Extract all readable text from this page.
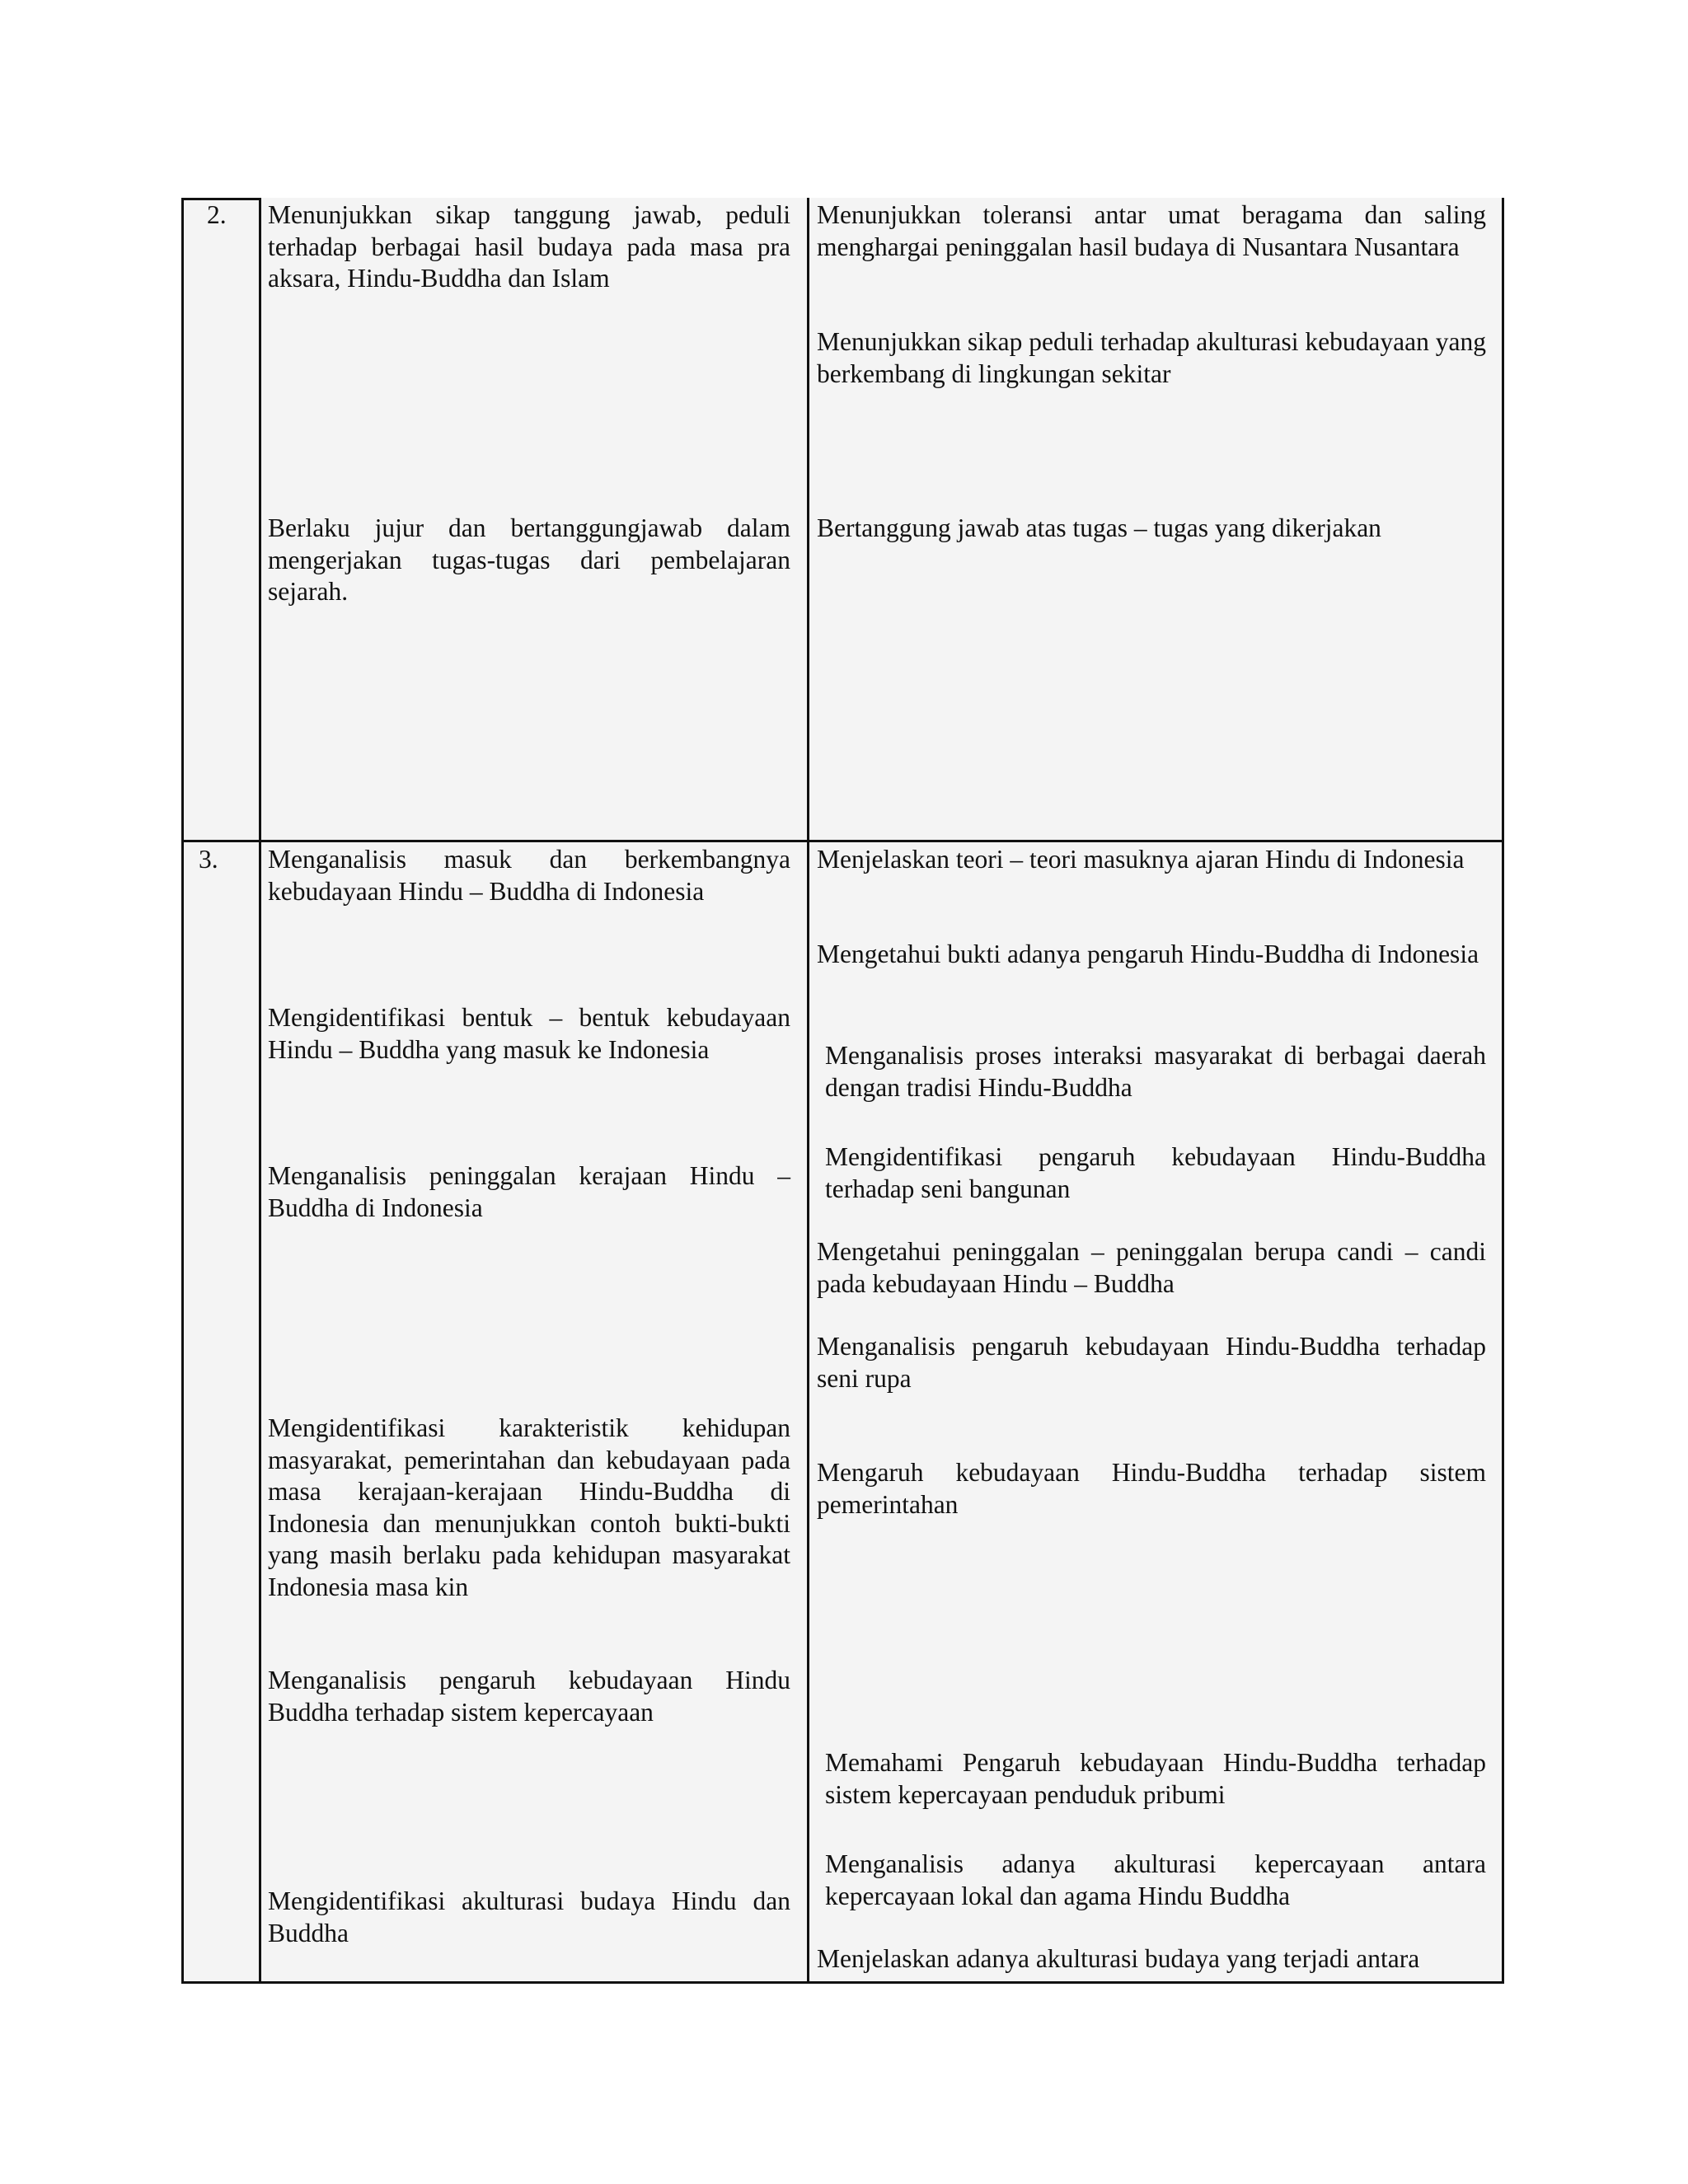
2. Menunjukkan sikap tanggung jawab, peduli terhadap berbagai hasil budaya pada masa pra aksara, Hindu-Buddha dan Islam
Berlaku jujur dan bertanggungjawab dalam mengerjakan tugas-tugas dari pembelajaran sejarah.
Menunjukkan toleransi antar umat beragama dan saling menghargai peninggalan hasil budaya di Nusantara Nusantara
Menunjukkan sikap peduli terhadap akulturasi kebudayaan yang berkembang di lingkungan sekitar
Bertanggung jawab atas tugas – tugas yang dikerjakan
3. Menganalisis masuk dan berkembangnya kebudayaan Hindu – Buddha di Indonesia
Mengidentifikasi bentuk – bentuk kebudayaan Hindu – Buddha yang masuk ke Indonesia
Menganalisis peninggalan kerajaan Hindu – Buddha di Indonesia
Mengidentifikasi karakteristik kehidupan masyarakat, pemerintahan dan kebudayaan pada masa kerajaan-kerajaan Hindu-Buddha di Indonesia dan menunjukkan contoh bukti-bukti yang masih berlaku pada kehidupan masyarakat Indonesia masa kin
Menganalisis pengaruh kebudayaan Hindu Buddha terhadap sistem kepercayaan
Mengidentifikasi akulturasi budaya Hindu dan Buddha
Menjelaskan teori – teori masuknya ajaran Hindu di Indonesia
Mengetahui bukti adanya pengaruh Hindu-Buddha di Indonesia
Menganalisis proses interaksi masyarakat di berbagai daerah dengan tradisi Hindu-Buddha
Mengidentifikasi pengaruh kebudayaan Hindu-Buddha terhadap seni bangunan
Mengetahui peninggalan – peninggalan berupa candi – candi pada kebudayaan Hindu – Buddha
Menganalisis pengaruh kebudayaan Hindu-Buddha terhadap seni rupa
Mengaruh kebudayaan Hindu-Buddha terhadap sistem pemerintahan
Memahami Pengaruh kebudayaan Hindu-Buddha terhadap sistem kepercayaan penduduk pribumi
Menganalisis adanya akulturasi kepercayaan antara kepercayaan lokal dan agama Hindu Buddha
Menjelaskan adanya akulturasi budaya yang terjadi antara
